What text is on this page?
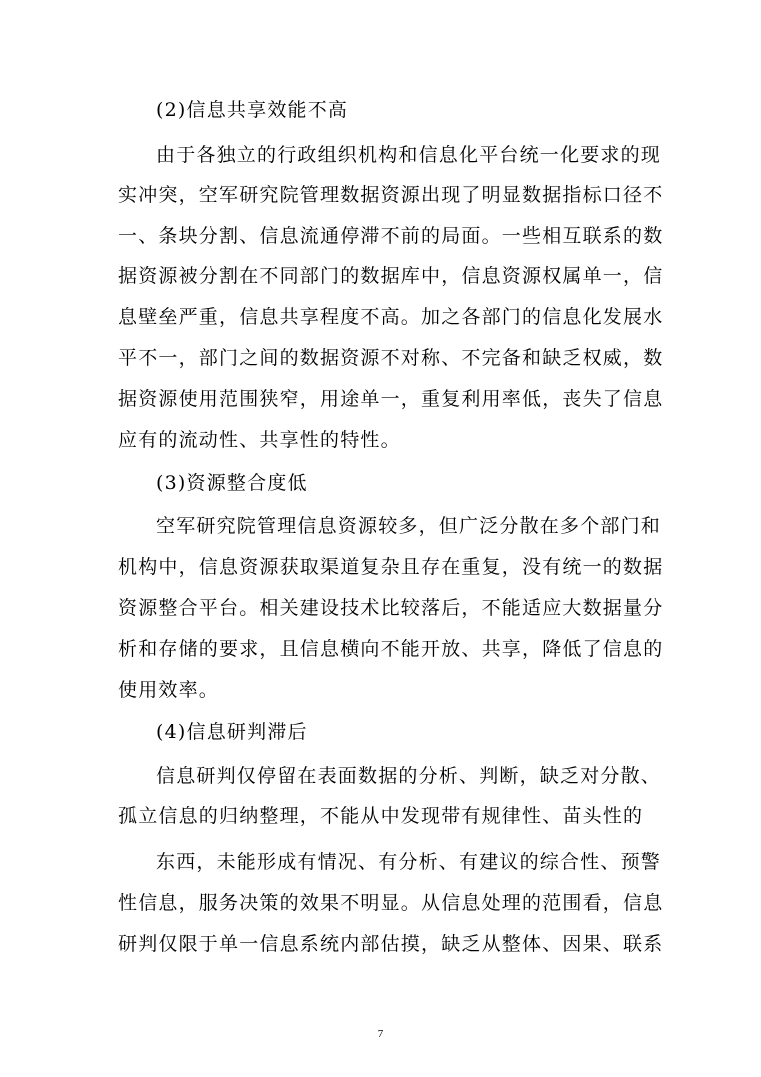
(2)信息共享效能不高
由于各独立的行政组织机构和信息化平台统一化要求的现
实冲突，空军研究院管理数据资源出现了明显数据指标口径不
一、条块分割、信息流通停滞不前的局面。一些相互联系的数
据资源被分割在不同部门的数据库中，信息资源权属单一，信
息壁垒严重，信息共享程度不高。加之各部门的信息化发展水
平不一，部门之间的数据资源不对称、不完备和缺乏权威，数
据资源使用范围狭窄，用途单一，重复利用率低，丧失了信息
应有的流动性、共享性的特性。
(3)资源整合度低
空军研究院管理信息资源较多，但广泛分散在多个部门和
机构中，信息资源获取渠道复杂且存在重复，没有统一的数据
资源整合平台。相关建设技术比较落后，不能适应大数据量分
析和存储的要求，且信息横向不能开放、共享，降低了信息的
使用效率。
(4)信息研判滞后
信息研判仅停留在表面数据的分析、判断，缺乏对分散、
孤立信息的归纳整理，不能从中发现带有规律性、苗头性的
东西，未能形成有情况、有分析、有建议的综合性、预警
性信息，服务决策的效果不明显。从信息处理的范围看，信息
研判仅限于单一信息系统内部估摸，缺乏从整体、因果、联系
7
